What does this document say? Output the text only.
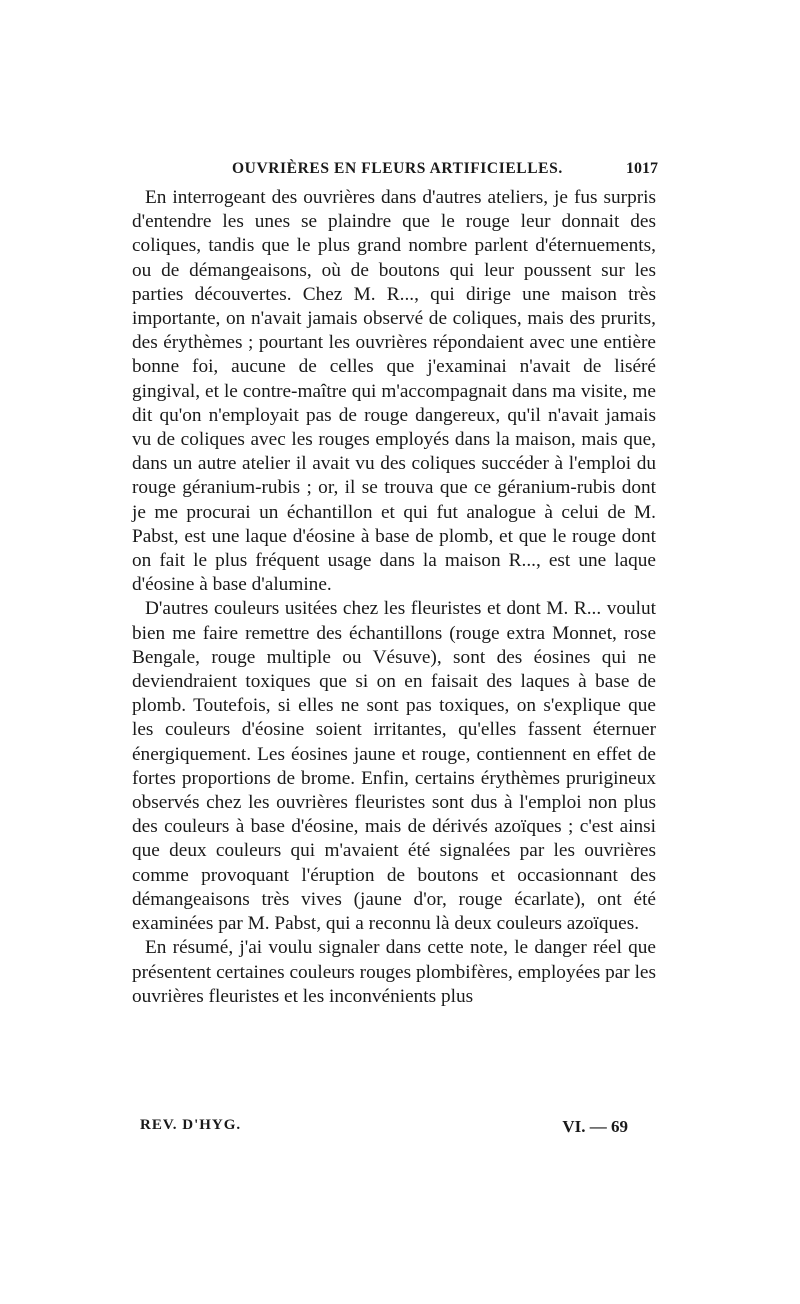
OUVRIÈRES EN FLEURS ARTIFICIELLES.	1017

En interrogeant des ouvrières dans d'autres ateliers, je fus surpris d'entendre les unes se plaindre que le rouge leur donnait des coliques, tandis que le plus grand nombre parlent d'éternuements, ou de démangeaisons, où de boutons qui leur poussent sur les parties découvertes. Chez M. R..., qui dirige une maison très importante, on n'avait jamais observé de coliques, mais des prurits, des érythèmes ; pourtant les ouvrières répondaient avec une entière bonne foi, aucune de celles que j'examinai n'avait de liséré gingival, et le contre-maître qui m'accompagnait dans ma visite, me dit qu'on n'employait pas de rouge dangereux, qu'il n'avait jamais vu de coliques avec les rouges employés dans la maison, mais que, dans un autre atelier il avait vu des coliques succéder à l'emploi du rouge géranium-rubis ; or, il se trouva que ce géranium-rubis dont je me procurai un échantillon et qui fut analogue à celui de M. Pabst, est une laque d'éosine à base de plomb, et que le rouge dont on fait le plus fréquent usage dans la maison R..., est une laque d'éosine à base d'alumine.

D'autres couleurs usitées chez les fleuristes et dont M. R... voulut bien me faire remettre des échantillons (rouge extra Monnet, rose Bengale, rouge multiple ou Vésuve), sont des éosines qui ne deviendraient toxiques que si on en faisait des laques à base de plomb. Toutefois, si elles ne sont pas toxiques, on s'explique que les couleurs d'éosine soient irritantes, qu'elles fassent éternuer énergiquement. Les éosines jaune et rouge, contiennent en effet de fortes proportions de brome. Enfin, certains érythèmes prurigineux observés chez les ouvrières fleuristes sont dus à l'emploi non plus des couleurs à base d'éosine, mais de dérivés azoïques ; c'est ainsi que deux couleurs qui m'avaient été signalées par les ouvrières comme provoquant l'éruption de boutons et occasionnant des démangeaisons très vives (jaune d'or, rouge écarlate), ont été examinées par M. Pabst, qui a reconnu là deux couleurs azoïques.

En résumé, j'ai voulu signaler dans cette note, le danger réel que présentent certaines couleurs rouges plombifères, employées par les ouvrières fleuristes et les inconvénients plus

REV. D'HYG.	VI. — 69
